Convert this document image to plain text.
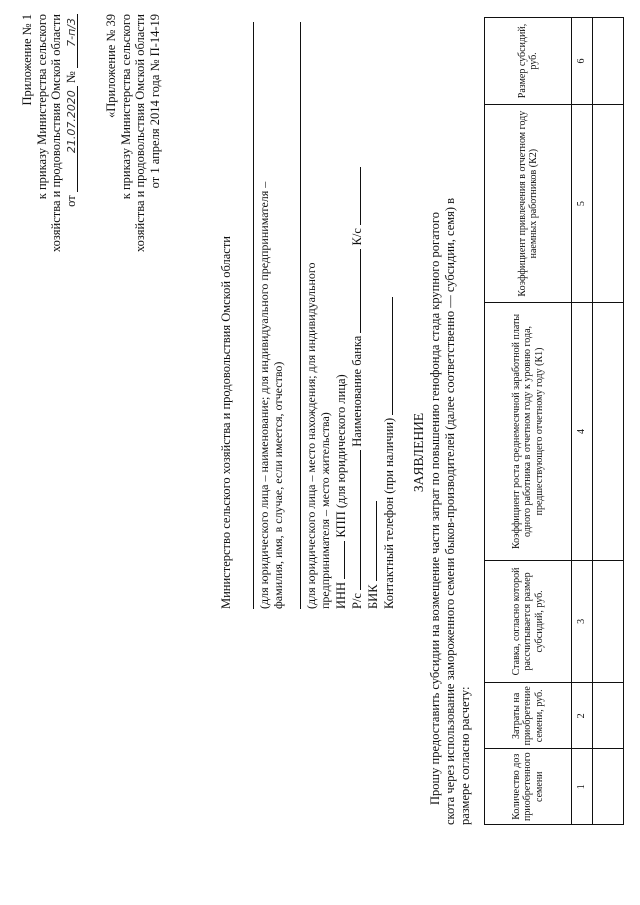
Приложение № 1 к приказу Министерства сельского хозяйства и продовольствия Омской области от 21.07.2020 № 7-п/3 «Приложение № 39 к приказу Министерства сельского хозяйства и продовольствия Омской области от 1 апреля 2014 года № П-14-19
Министерство сельского хозяйства и продовольствия Омской области (для юридического лица – наименование; для индивидуального предпринимателя – фамилия, имя, в случае, если имеется, отчество) (для юридического лица – место нахождения; для индивидуального предпринимателя – место жительства) ИНН  КПП (для юридического лица)
Р/с  Наименование банка  К/с
БИК Контактный телефон (при наличии) ЗАЯВЛЕНИЕ Прошу предоставить субсидии на возмещение части затрат по повышению генофонда стада крупного рогатого скота через использование замороженного семени быков-производителей (далее соответственно — субсидии, семя) в размере согласно расчету:	Количество доз приобретенного семени	Затраты на приобретение семени, руб.	Ставка, согласно которой рассчитывается размер субсидий, руб.	Коэффициент роста среднемесячной заработной платы одного работника в отчетном году к уровню года, предшествующего отчетному году (К1)	Коэффициент привлечения в отчетном году наемных работников (К2)	Размер субсидий, руб.
1	2	3	4	5	6
